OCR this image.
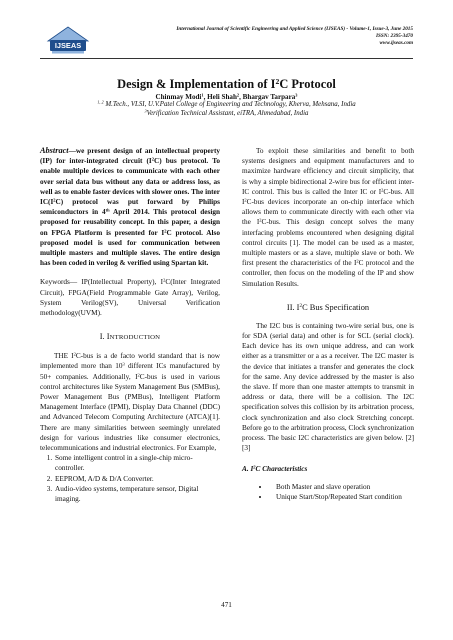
IJSEAS
International Journal of Scientific Engineering and Applied Science (IJSEAS) - Volume-1, Issue-3, June 2015
ISSN: 2395-3470
www.ijseas.com
Design & Implementation of $I^2C$ Protocol
Chinmay Modi$^1$, Heli Shah$^2$, Bhargav Tarpara$^3$
$^{1, 2}$ M.Tech., VLSI, U.V.Patel College of Engineering and Technology, Kherva, Mehsana, India
$^3$Verification Technical Assistant, eiTRA, Ahmedabad, India

Abstract—we present design of an intellectual property (IP) for inter-integrated circuit $(I^2C)$ bus protocol. To enable multiple devices to communicate with each other over serial data bus without any data or address loss, as well as to enable faster devices with slower ones. The inter $IC(I^2C)$ protocol was put forward by Philips semiconductors in 4th April 2014. This protocol design proposed for reusability concept. In this paper, a design on FPGA Platform is presented for $I^2C$ protocol. Also proposed model is used for communication between multiple masters and multiple slaves. The entire design has been coded in verilog & verified using Spartan kit.

Keywords— IP(Intellectual Property), $I^2C(Inter$ Integrated Circuit), FPGA(Field Programmable Gate Array), Verilog, System Verilog(SV), Universal Verification methodology(UVM).

I. INTRODUCTION

THE $I^2C$-bus is a de facto world standard that is now implemented more than $10^3$ different ICs manufactured by 50+ companies. Additionally, $I^2C$-bus is used in various control architectures like System Management Bus (SMBus), Power Management Bus (PMBus), Intelligent Platform Management Interface (IPMI), Display Data Channel (DDC) and Advanced Telecom Computing Architecture (ATCA)[1]. There are many similarities between seemingly unrelated design for various industries like consumer electronics, telecommunications and industrial electronics. For Example,

1. Some intelligent control in a single-chip micro-controller.
2. EEPROM, A/D & D/A Converter.
3. Audio-video systems, temperature sensor, Digital imaging.

To exploit these similarities and benefit to both systems designers and equipment manufacturers and to maximize hardware efficiency and circuit simplicity, that is why a simple bidirectional 2-wire bus for efficient inter-IC control. This bus is called the Inter IC or $I^2C$-bus. All $I^2C$-bus devices incorporate an on-chip interface which allows them to communicate directly with each other via the $I^2C$-bus. This design concept solves the many interfacing problems encountered when designing digital control circuits [1]. The model can be used as a master, multiple masters or as a slave, multiple slave or both. We first present the characteristics of the $I^2C$ protocol and the controller, then focus on the modeling of the IP and show Simulation Results.

II. $I^2C$ Bus Specification

The I2C bus is containing two-wire serial bus, one is for SDA (serial data) and other is for SCL (serial clock). Each device has its own unique address, and can work either as a transmitter or a as a receiver. The I2C master is the device that initiates a transfer and generates the clock for the same. Any device addressed by the master is also the slave. If more than one master attempts to transmit in address or data, there will be a collision. The I2C specification solves this collision by its arbitration process, clock synchronization and also clock Stretching concept. Before go to the arbitration process, Clock synchronization process. The basic I2C characteristics are given below. [2][3]

A. $I^2C$ Characteristics
• Both Master and slave operation
• Unique Start/Stop/Repeated Start condition
471
